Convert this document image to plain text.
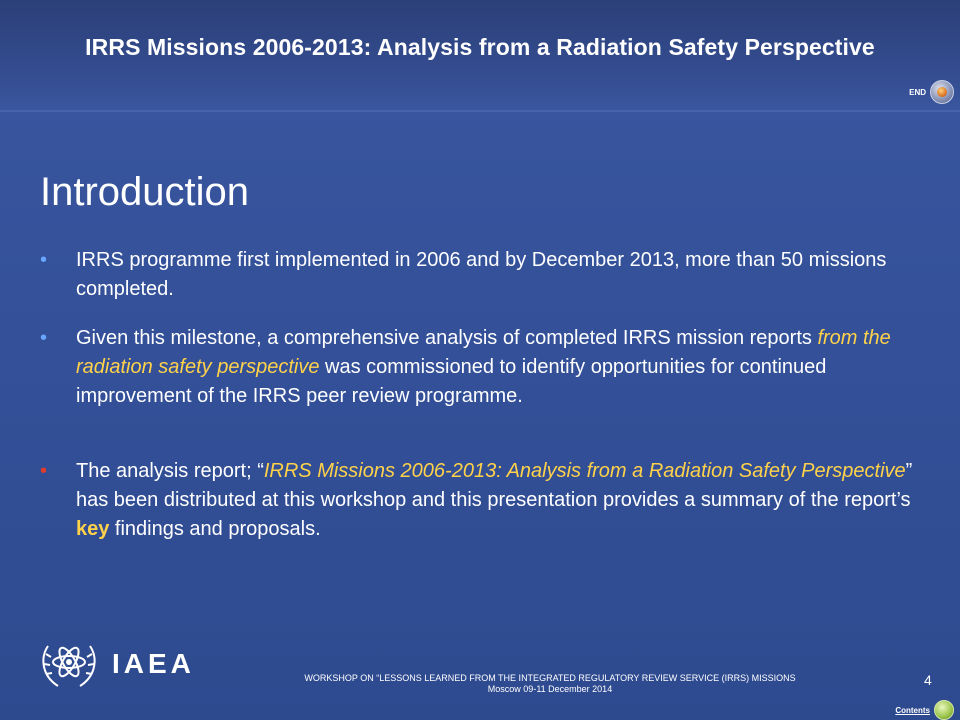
IRRS Missions 2006-2013: Analysis from a Radiation Safety Perspective
END
Introduction
• IRRS programme first implemented in 2006 and by December 2013, more than 50 missions completed.
• Given this milestone, a comprehensive analysis of completed IRRS mission reports from the radiation safety perspective was commissioned to identify opportunities for continued improvement of the IRRS peer review programme.
• The analysis report; “IRRS Missions 2006-2013: Analysis from a Radiation Safety Perspective” has been distributed at this workshop and this presentation provides a summary of the report’s key findings and proposals.
IAEA	WORKSHOP ON “LESSONS LEARNED FROM THE INTEGRATED REGULATORY REVIEW SERVICE (IRRS) MISSIONS
Moscow 09-11 December 2014
4
Contents
